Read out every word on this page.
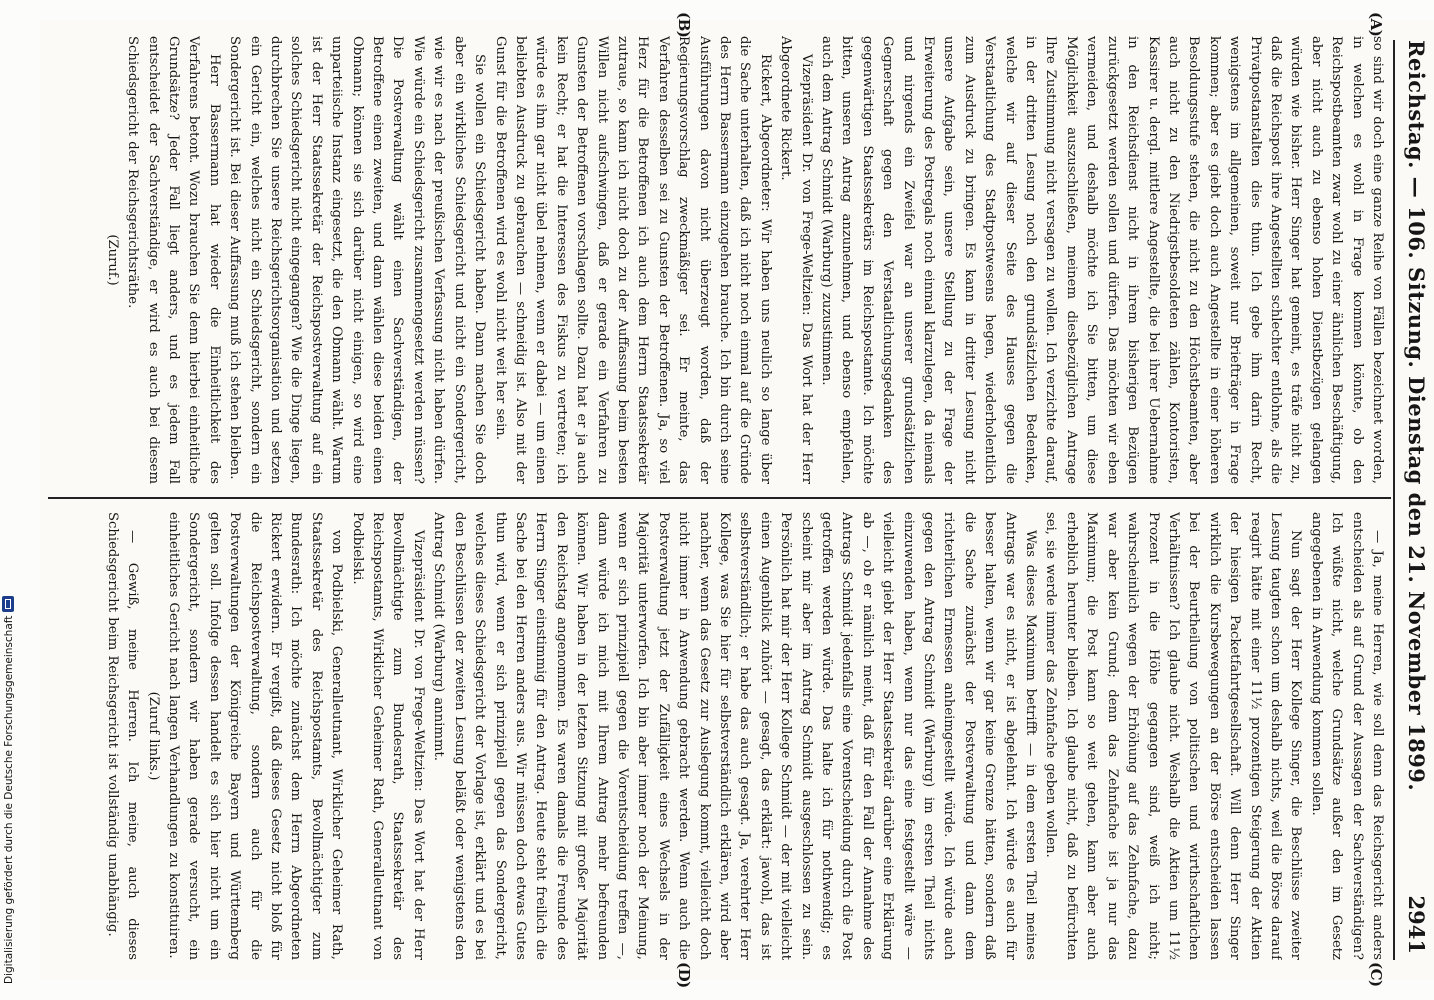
Digitalisierung gefördert durch die Deutsche Forschungsgemeinschaft
Reichstag. — 106. Sitzung. Dienstag den 21. November 1899.
2941
(A)
(B)
(C)
(D)

so sind wir doch eine ganze Reihe von Fällen bezeichnet worden, in welchen es wohl in Frage kommen könnte, ob den Reichspostbeamten zwar wohl zu einer ähnlichen Beschäftigung, aber nicht auch zu ebenso hohen Dienstbezügen gelangen würden wie bisher. Herr Singer hat gemeint, es träfe nicht zu, daß die Reichspost ihre Angestellten schlechter entlohne, als die Privatpostanstalten dies thun. Ich gebe ihm darin Recht, wenigstens im allgemeinen, soweit nur Briefträger in Frage kommen; aber es giebt doch auch Angestellte in einer höheren Besoldungsstufe stehen, die nicht zu den Höchstbeamten, aber auch nicht zu den Niedrigstbesoldeten zählen, Kontoristen, Kassirer u. dergl. mittlere Angestellte, die bei ihrer Uebernahme in den Reichsdienst nicht in ihrem bisherigen Bezügen zurückgesetzt werden sollen und dürfen. Das möchten wir eben vermeiden, und deshalb möchte ich Sie bitten, um diese Möglichkeit auszuschließen, meinem diesbezüglichen Antrage Ihre Zustimmung nicht versagen zu wollen. Ich verzichte darauf, in der dritten Lesung noch den grundsätzlichen Bedenken, welche wir auf dieser Seite des Hauses gegen die Verstaatlichung des Stadtpostwesens hegen, wiederholentlich zum Ausdruck zu bringen. Es kann in dritter Lesung nicht unsere Aufgabe sein, unsere Stellung zu der Frage der Erweiterung des Postregals noch einmal klarzulegen, da niemals und nirgends ein Zweifel war an unserer grundsätzlichen Gegnerschaft gegen den Verstaatlichungsgedanken des gegenwärtigen Staatssekretärs im Reichspostamte. Ich möchte bitten, unseren Antrag anzunehmen, und ebenso empfehlen, auch dem Antrag Schmidt (Warburg) zuzustimmen.

Vizepräsident Dr. von Frege-Weltzien: Das Wort hat der Herr Abgeordnete Rickert.

Rickert, Abgeordneter: Wir haben uns neulich so lange über die Sache unterhalten, daß ich nicht noch einmal auf die Gründe des Herrn Bassermann einzugehen brauche. Ich bin durch seine Ausführungen davon nicht überzeugt worden, daß der Regierungsvorschlag zweckmäßiger sei. Er meinte, das Verfahren desselben sei zu Gunsten der Betroffenen. Ja, so viel Herz für die Betroffenen ich auch dem Herrn Staatssekretär zutraue, so kann ich nicht doch zu der Auffassung beim besten Willen nicht aufschwingen, daß er gerade ein Verfahren zu Gunsten der Betroffenen vorschlagen sollte. Dazu hat er ja auch kein Recht; er hat die Interessen des Fiskus zu vertreten; ich würde es ihm gar nicht übel nehmen, wenn er dabei — um einen beliebten Ausdruck zu gebrauchen — schneidig ist. Also mit der Gunst für die Betroffenen wird es wohl nicht weit her sein.

Sie wollen ein Schiedsgericht haben. Dann machen Sie doch aber ein wirkliches Schiedsgericht und nicht ein Sondergericht, wie wir es nach der preußischen Verfassung nicht haben dürfen. Wie würde ein Schiedsgericht zusammengesetzt werden müssen? Die Postverwaltung wählt einen Sachverständigen, der Betroffene einen zweiten, und dann wählen diese beiden einen Obmann; können sie sich darüber nicht einigen, so wird eine unparteiische Instanz eingesetzt, die den Obmann wählt. Warum ist der Herr Staatssekretär der Reichspostverwaltung auf ein solches Schiedsgericht nicht eingegangen? Wie die Dinge liegen, durchbrechen Sie unsere Reichsgerichtsorganisation und setzen ein Gericht ein, welches nicht ein Schiedsgericht, sondern ein Sondergericht ist. Bei dieser Auffassung muß ich stehen bleiben.

Herr Bassermann hat wieder die Einheitlichkeit des Verfahrens betont. Wozu brauchen Sie denn hierbei einheitliche Grundsätze? Jeder Fall liegt anders, und es jedem Fall entscheidet der Sachverständige, er wird es auch bei diesem Schiedsgericht der Reichsgerichtsräthe.

(Zuruf.)

— Ja, meine Herren, wie soll denn das Reichsgericht anders entscheiden als auf Grund der Aussagen der Sachverständigen? Ich wüßte nicht, welche Grundsätze außer den im Gesetz angegebenen in Anwendung kommen sollen.

Nun sagt der Herr Kollege Singer, die Beschlüsse zweiter Lesung taugten schon um deshalb nichts, weil die Börse darauf reagirt hätte mit einer 11½ prozentigen Steigerung der Aktien der hiesigen Packetfahrtgesellschaft. Will denn Herr Singer wirklich die Kursbewegungen an der Börse entscheiden lassen bei der Beurtheilung von politischen und wirthschaftlichen Verhältnissen? Ich glaube nicht. Weshalb die Aktien um 11½ Prozent in die Höhe gegangen sind, weiß ich nicht; wahrscheinlich wegen der Erhöhung auf das Zehnfache, dazu war aber kein Grund; denn das Zehnfache ist ja nur das Maximum; die Post kann so weit gehen, kann aber auch erheblich herunter bleiben. Ich glaube nicht, daß zu befürchten sei, sie werde immer das Zehnfache geben wollen.

Was dieses Maximum betrifft — in dem ersten Theil meines Antrags war es nicht, er ist abgelehnt. Ich würde es auch für besser halten, wenn wir gar keine Grenze hätten, sondern daß die Sache zunächst der Postverwaltung und dann dem richterlichen Ermessen anheimgestellt würde. Ich würde auch gegen den Antrag Schmidt (Warburg) im ersten Theil nichts einzuwenden haben, wenn nur das eine festgestellt wäre — vielleicht giebt der Herr Staatssekretär darüber eine Erklärung ab —, ob er nämlich meint, daß für den Fall der Annahme des Antrags Schmidt jedenfalls eine Vorentscheidung durch die Post getroffen werden würde. Das halte ich für nothwendig; es scheint mir aber im Antrag Schmidt ausgeschlossen zu sein. Persönlich hat mir der Herr Kollege Schmidt — der mit vielleicht einen Augenblick zuhört — gesagt, das erklärt: jawohl, das ist selbstverständlich; er habe das auch gesagt. Ja, verehrter Herr Kollege, was Sie hier für selbstverständlich erklären, wird aber nachher, wenn das Gesetz zur Auslegung kommt, vielleicht doch nicht immer in Anwendung gebracht werden. Wenn auch die Postverwaltung jetzt der Zufälligkeit eines Wechsels in der Majorität unterworfen. Ich bin aber immer noch der Meinung, wenn er sich prinzipiell gegen die Vorentscheidung treffen —, dann würde ich mich mit Ihrem Antrag mehr befreunden können. Wir haben in der letzten Sitzung mit großer Majorität den Reichstag angenommen. Es waren damals die Freunde des Herrn Singer einstimmig für den Antrag. Heute steht freilich die Sache bei den Herren anders aus. Wir müssen doch etwas Gutes thun wird, wenn er sich prinzipiell gegen das Sondergericht, welches dieses Schiedsgericht der Vorlage ist, erklärt und es bei den Beschlüssen der zweiten Lesung beläßt oder wenigstens den Antrag Schmidt (Warburg) annimmt.

Vizepräsident Dr. von Frege-Weltzien: Das Wort hat der Herr Bevollmächtigte zum Bundesrath, Staatssekretär des Reichspostamts, Wirklicher Geheimer Rath, Generalleutnant von Podbielski.

von Podbielski, Generalleutnant, Wirklicher Geheimer Rath, Staatssekretär des Reichspostamts, Bevollmächtigter zum Bundesrath: Ich möchte zunächst dem Herrn Abgeordneten Rickert erwidern. Er vergißt, daß dieses Gesetz nicht bloß für die Reichspostverwaltung, sondern auch für die Postverwaltungen der Königreiche Bayern und Württemberg gelten soll. Infolge dessen handelt es sich hier nicht um ein Sondergericht, sondern wir haben gerade versucht, ein einheitliches Gericht nach langen Verhandlungen zu konstituiren.

(Zuruf links.)

— Gewiß, meine Herren. Ich meine, auch dieses Schiedsgericht beim Reichsgericht ist vollständig unabhängig.
